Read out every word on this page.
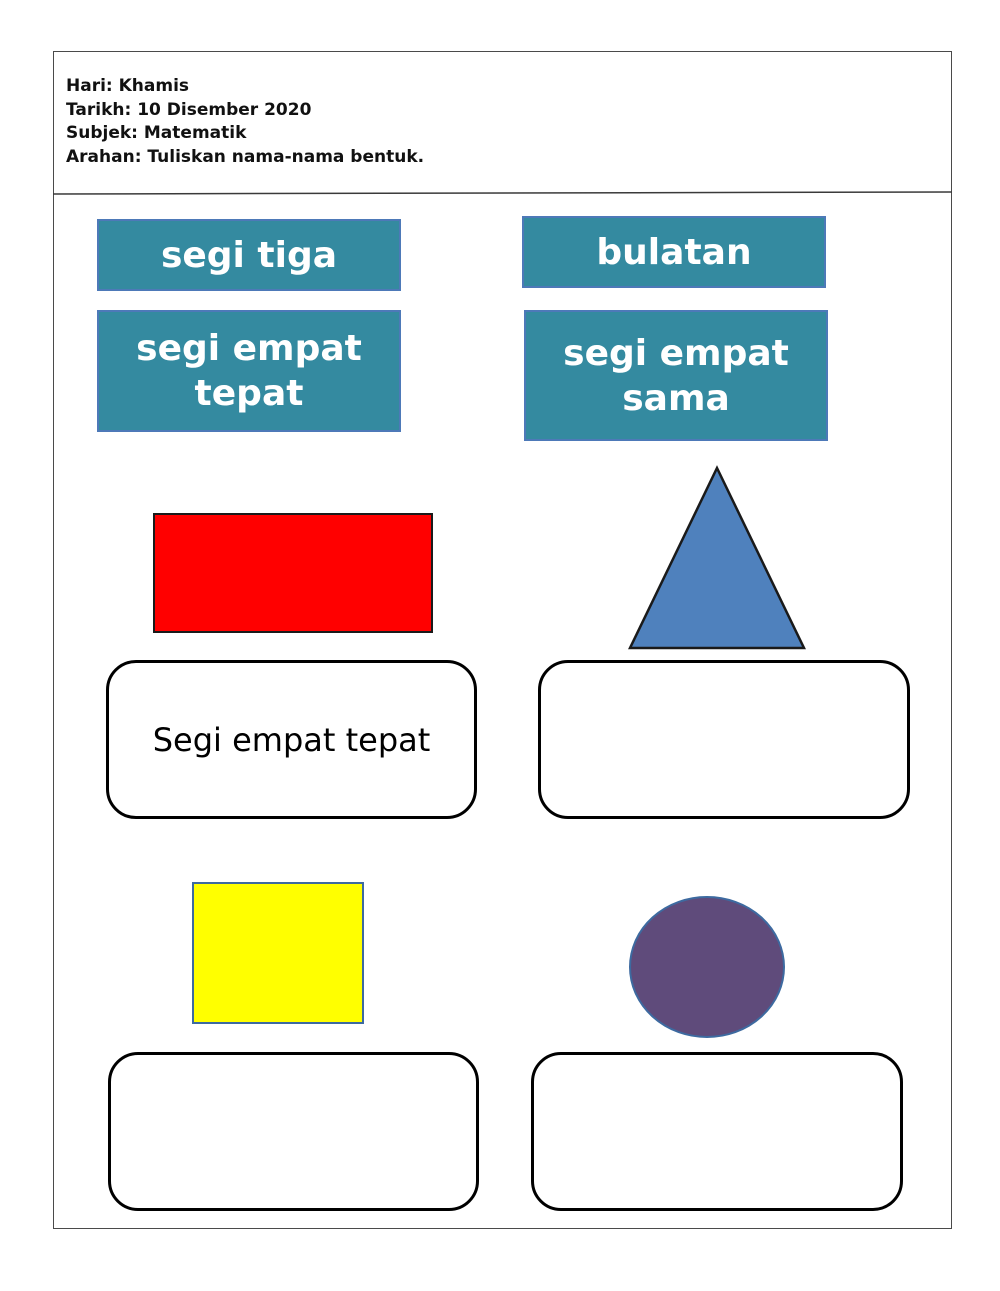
Hari: Khamis
Tarikh: 10 Disember 2020
Subjek: Matematik
Arahan: Tuliskan nama-nama bentuk.
segi tiga	bulatan
segi empat
tepat
segi empat
sama
Segi empat tepat
